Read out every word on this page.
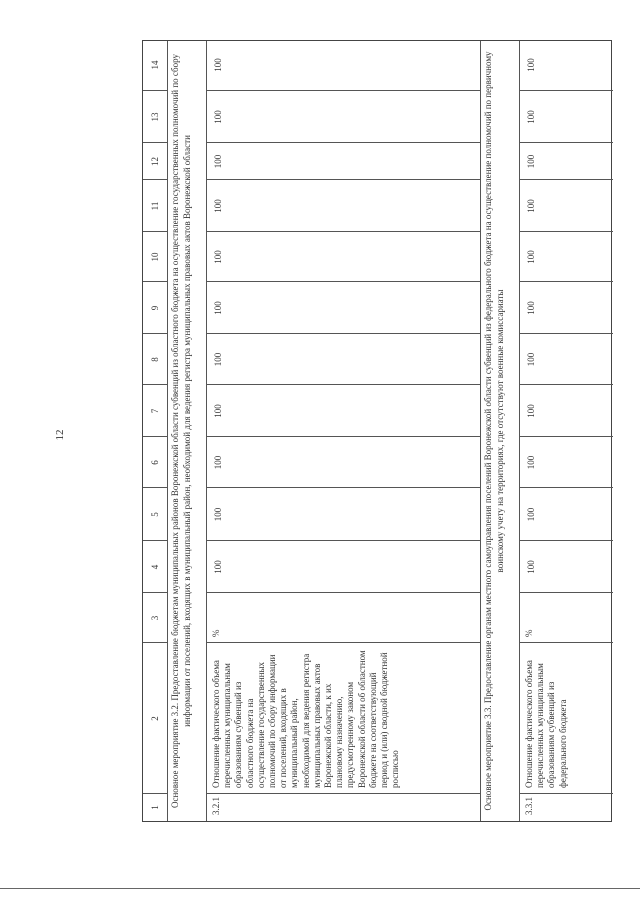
12	Основное мероприятие 3.2. Предоставление бюджетам муниципальных районов Воронежской области субвенций из областного бюджета на осуществление государственных полномочий по сбору информации от поселений, входящих в муниципальный район, необходимой для ведения регистра муниципальных правовых актов Воронежской области
3.2.1
Отношение фактического объема перечисленных муниципальным образованиям субвенций из областного бюджета на осуществление государственных полномочий по сбору информации от поселений, входящих в муниципальный район, необходимой для ведения регистра муниципальных правовых актов Воронежской области, к их плановому назначению, предусмотренному законом Воронежской области об областном бюджете на соответствующий период и (или) сводной бюджетной росписью
%	Основное мероприятие 3.3. Предоставление органам местного самоуправления поселений Воронежской области субвенций из федерального бюджета на осуществление полномочий по первичному воинскому учету на территориях, где отсутствуют военные комиссариаты
3.3.1
Отношение фактического объема перечисленных муниципальным образованиям субвенций из федерального бюджета
%
1
2
3
4
5
6
7
8
9
10
11
12
13
14
100
100
100
100
100
100
100
100
100
100
100
100
100
100
100
100
100
100
100
100
100
100
